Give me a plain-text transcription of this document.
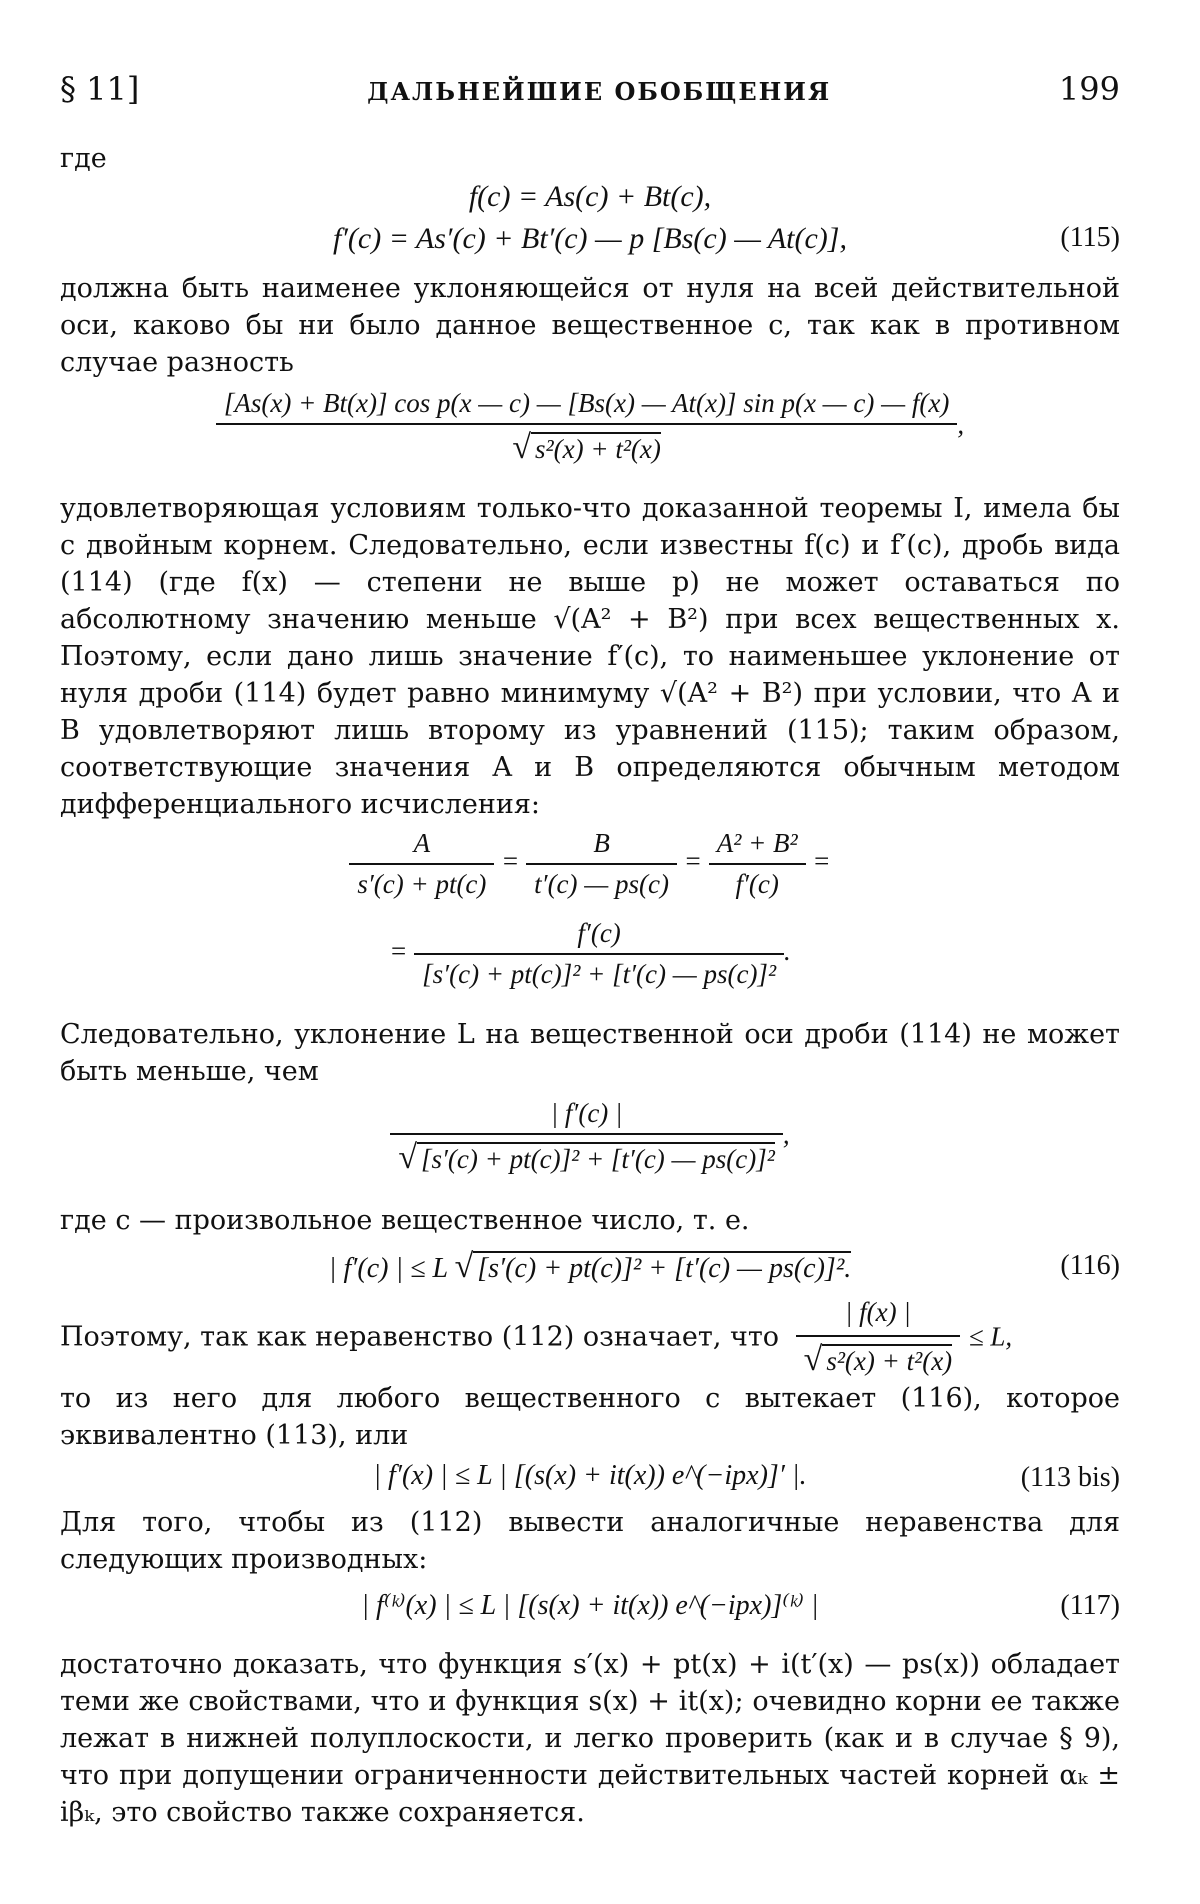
§ 11]	ДАЛЬНЕЙШИЕ ОБОБЩЕНИЯ	199
где
f(c) = As(c) + Bt(c),
f′(c) = As′(c) + Bt′(c) — p [Bs(c) — At(c)],	(115)
должна быть наименее уклоняющейся от нуля на всей действительной оси, каково бы ни было данное вещественное c, так как в противном случае разность
[As(x) + Bt(x)] cos p(x — c) — [Bs(x) — At(x)] sin p(x — c) — f(x)
√ s²(x) + t²(x)
,
удовлетворяющая условиям только-что доказанной теоремы I, имела бы c двойным корнем. Следовательно, если известны f(c) и f′(c), дробь вида (114) (где f(x) — степени не выше p) не может оставаться по абсолютному значению меньше √(A² + B²) при всех вещественных x. Поэтому, если дано лишь значение f′(c), то наименьшее уклонение от нуля дроби (114) будет равно минимуму √(A² + B²) при условии, что A и B удовлетворяют лишь второму из уравнений (115); таким образом, соответствующие значения A и B определяются обычным методом дифференциального исчисления:
$\frac{A}{s'(c) + pt(c)} = \frac{B}{t'(c) — ps(c)} = \frac{\text{A² + B²}}{f'(c)}$ =
= $\frac{f'(c)}{\text{[s′(c) + pt(c)]² + [t′(c) — ps(c)]²}}$ .
Следовательно, уклонение L на вещественной оси дроби (114) не может быть меньше, чем
$\frac{| f'(c) |}{\text{√ [s′(c) + pt(c)]² + [t′(c) — ps(c)]²}}$ ,
где c — произвольное вещественное число, т. е.
| f′(c) | ≤ L √ [s′(c) + pt(c)]² + [t′(c) — ps(c)]².	(116)
Поэтому, так как неравенство (112) означает, что $\frac{| f(x) |}{\text{√ s²(x) + t²(x)}} \le L$,
то из него для любого вещественного c вытекает (116), которое эквивалентно (113), или
| f′(x) | ≤ L | [(s(x) + it(x)) e^(−ipx)]′ |.	(113 bis)
Для того, чтобы из (112) вывести аналогичные неравенства для следующих производных:
| f⁽ᵏ⁾(x) | ≤ L | [(s(x) + it(x)) e^(−ipx)]⁽ᵏ⁾ |	(117)
достаточно доказать, что функция s′(x) + pt(x) + i(t′(x) — ps(x)) обладает теми же свойствами, что и функция s(x) + it(x); очевидно корни ее также лежат в нижней полуплоскости, и легко проверить (как и в случае § 9), что при допущении ограниченности действительных частей корней αₖ ± iβₖ, это свойство также сохраняется.
